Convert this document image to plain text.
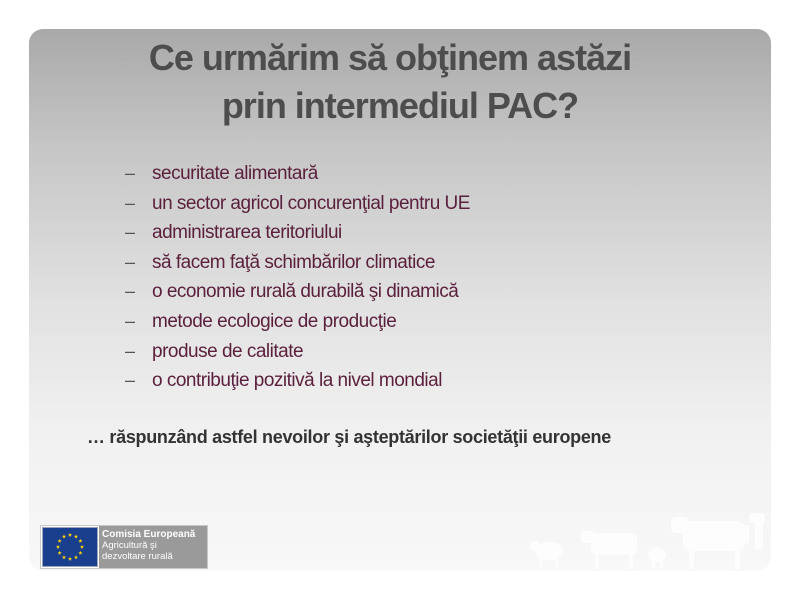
Ce urmărim să obţinem astăzi
prin intermediul PAC?
– securitate alimentară
– un sector agricol concurenţial pentru UE
– administrarea teritoriului
– să facem faţă schimbărilor climatice
– o economie rurală durabilă şi dinamică
– metode ecologice de producţie
– produse de calitate
– o contribuţie pozitivă la nivel mondial
… răspunzând astfel nevoilor şi aşteptărilor societăţii europene
Comisia Europeană
Agricultură şi
dezvoltare rurală
